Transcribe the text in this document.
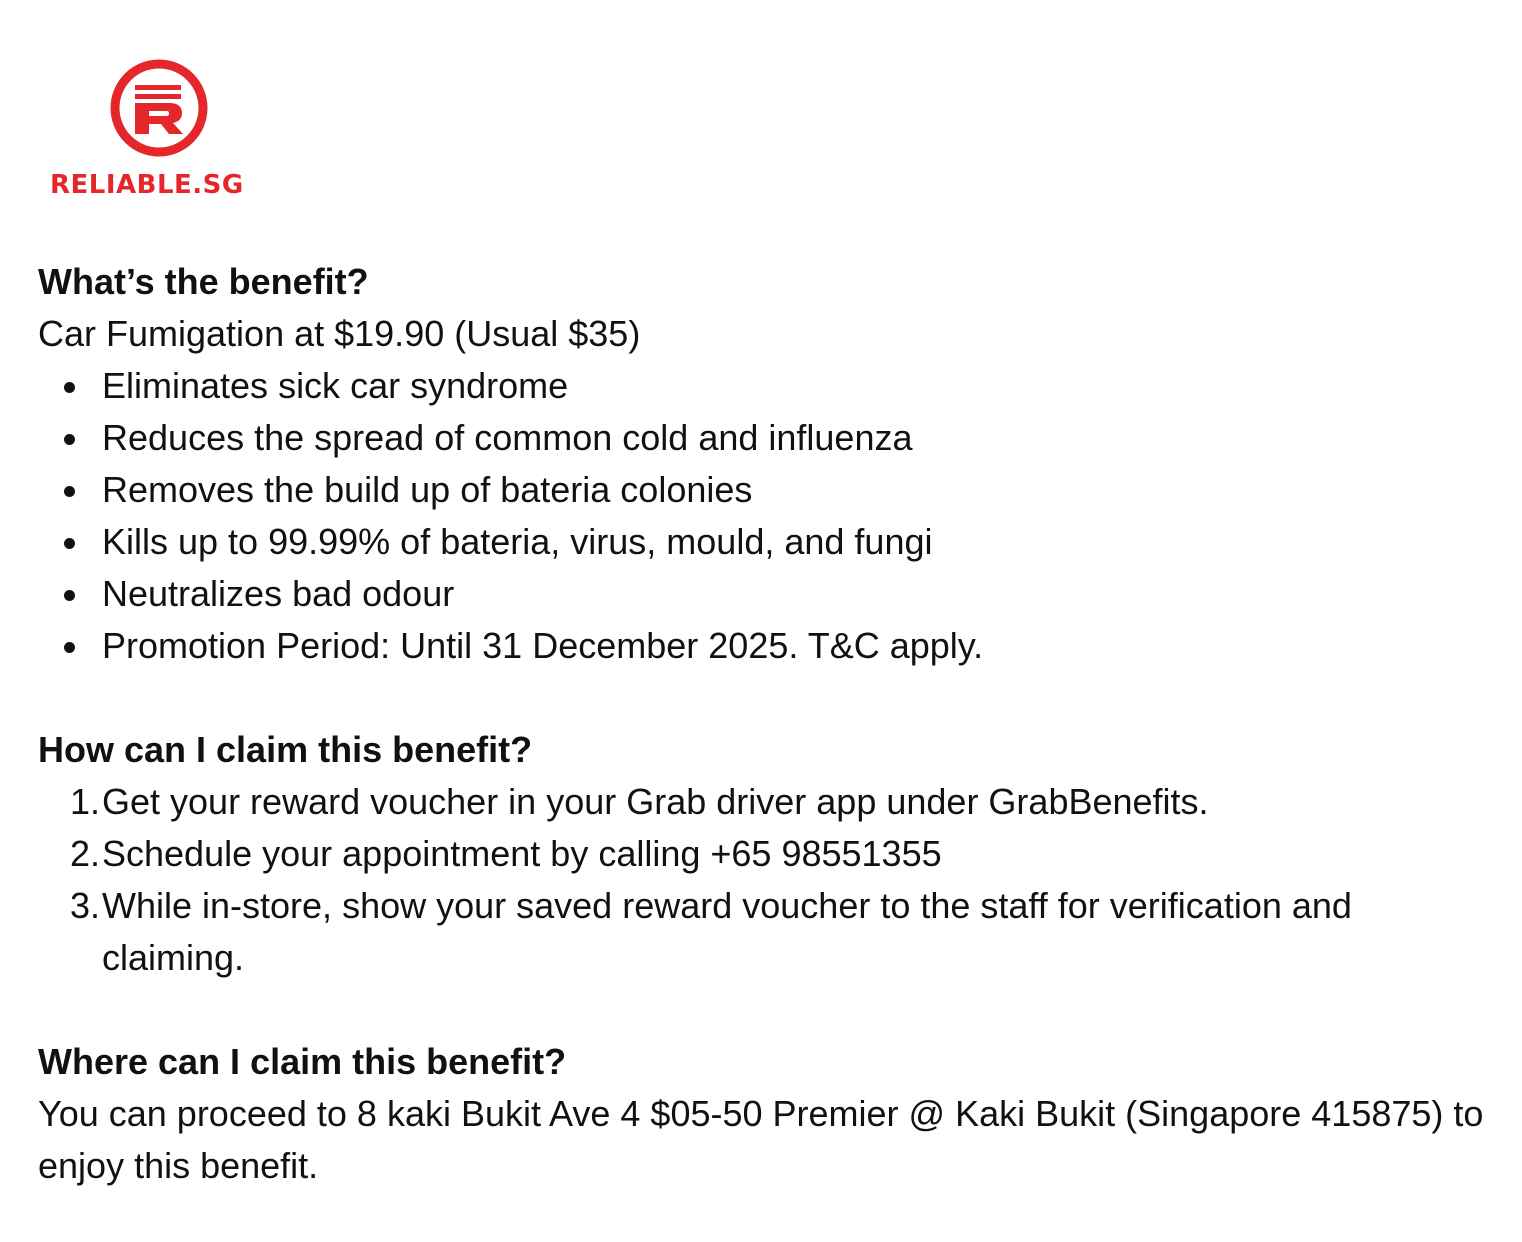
RELIABLE.SG

What’s the benefit?

Car Fumigation at $19.90 (Usual $35)

Eliminates sick car syndrome
Reduces the spread of common cold and influenza
Removes the build up of bateria colonies
Kills up to 99.99% of bateria, virus, mould, and fungi
Neutralizes bad odour
Promotion Period: Until 31 December 2025. T&C apply.

How can I claim this benefit?

1. Get your reward voucher in your Grab driver app under GrabBenefits.
2. Schedule your appointment by calling +65 98551355
3. While in-store, show your saved reward voucher to the staff for verification and claiming.

Where can I claim this benefit?

You can proceed to 8 kaki Bukit Ave 4 $05-50 Premier @ Kaki Bukit (Singapore 415875) to enjoy this benefit.
